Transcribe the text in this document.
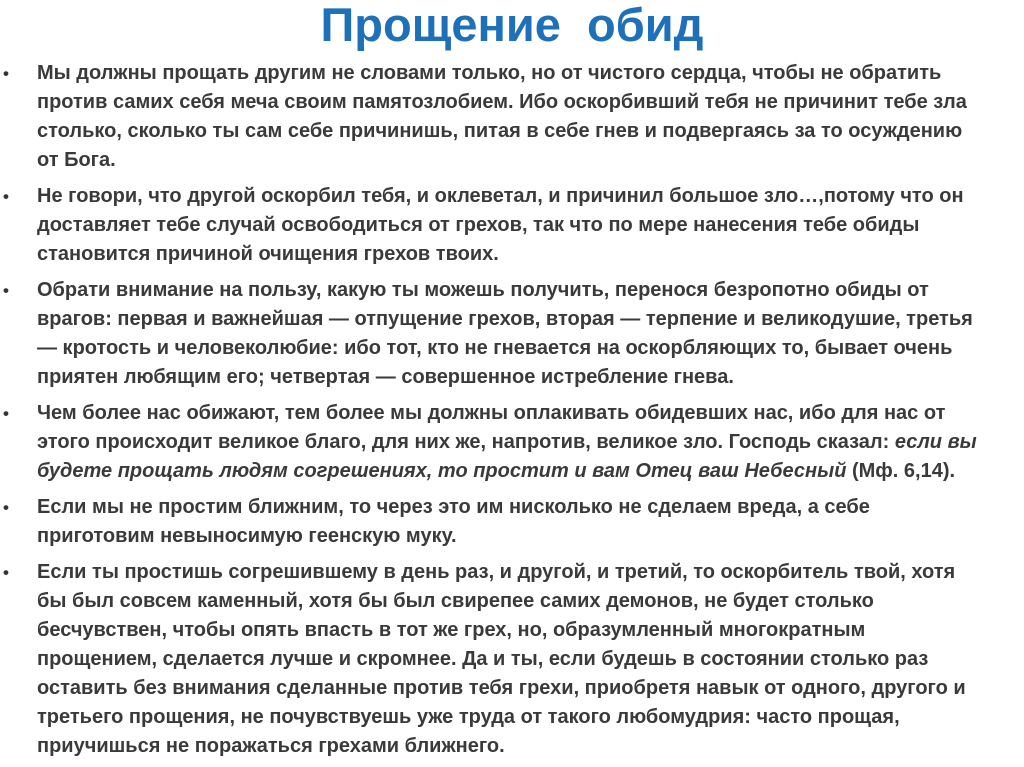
Прощение  обид
• Мы должны прощать другим не словами только, но от чистого сердца, чтобы не обратить
против самих себя меча своим памятозлобием. Ибо оскорбивший тебя не причинит тебе зла
столько, сколько ты сам себе причинишь, питая в себе гнев и подвергаясь за то осуждению
от Бога.
• Не говори, что другой оскорбил тебя, и оклеветал, и причинил большое зло…,потому что он
доставляет тебе случай освободиться от грехов, так что по мере нанесения тебе обиды
становится причиной очищения грехов твоих.
• Обрати внимание на пользу, какую ты можешь получить, перенося безропотно обиды от
врагов: первая и важнейшая — отпущение грехов, вторая — терпение и великодушие, третья
— кротость и человеколюбие: ибо тот, кто не гневается на оскорбляющих то, бывает очень
приятен любящим его; четвертая — совершенное истребление гнева.
• Чем более нас обижают, тем более мы должны оплакивать обидевших нас, ибо для нас от
этого происходит великое благо, для них же, напротив, великое зло. Господь сказал: если вы
будете прощать людям согрешениях, то простит и вам Отец ваш Небесный (Мф. 6,14).
• Если мы не простим ближним, то через это им нисколько не сделаем вреда, а себе
приготовим невыносимую геенскую муку.
• Если ты простишь согрешившему в день раз, и другой, и третий, то оскорбитель твой, хотя
бы был совсем каменный, хотя бы был свирепее самих демонов, не будет столько
бесчувствен, чтобы опять впасть в тот же грех, но, образумленный многократным
прощением, сделается лучше и скромнее. Да и ты, если будешь в состоянии столько раз
оставить без внимания сделанные против тебя грехи, приобретя навык от одного, другого и
третьего прощения, не почувствуешь уже труда от такого любомудрия: часто прощая,
приучишься не поражаться грехами ближнего.
